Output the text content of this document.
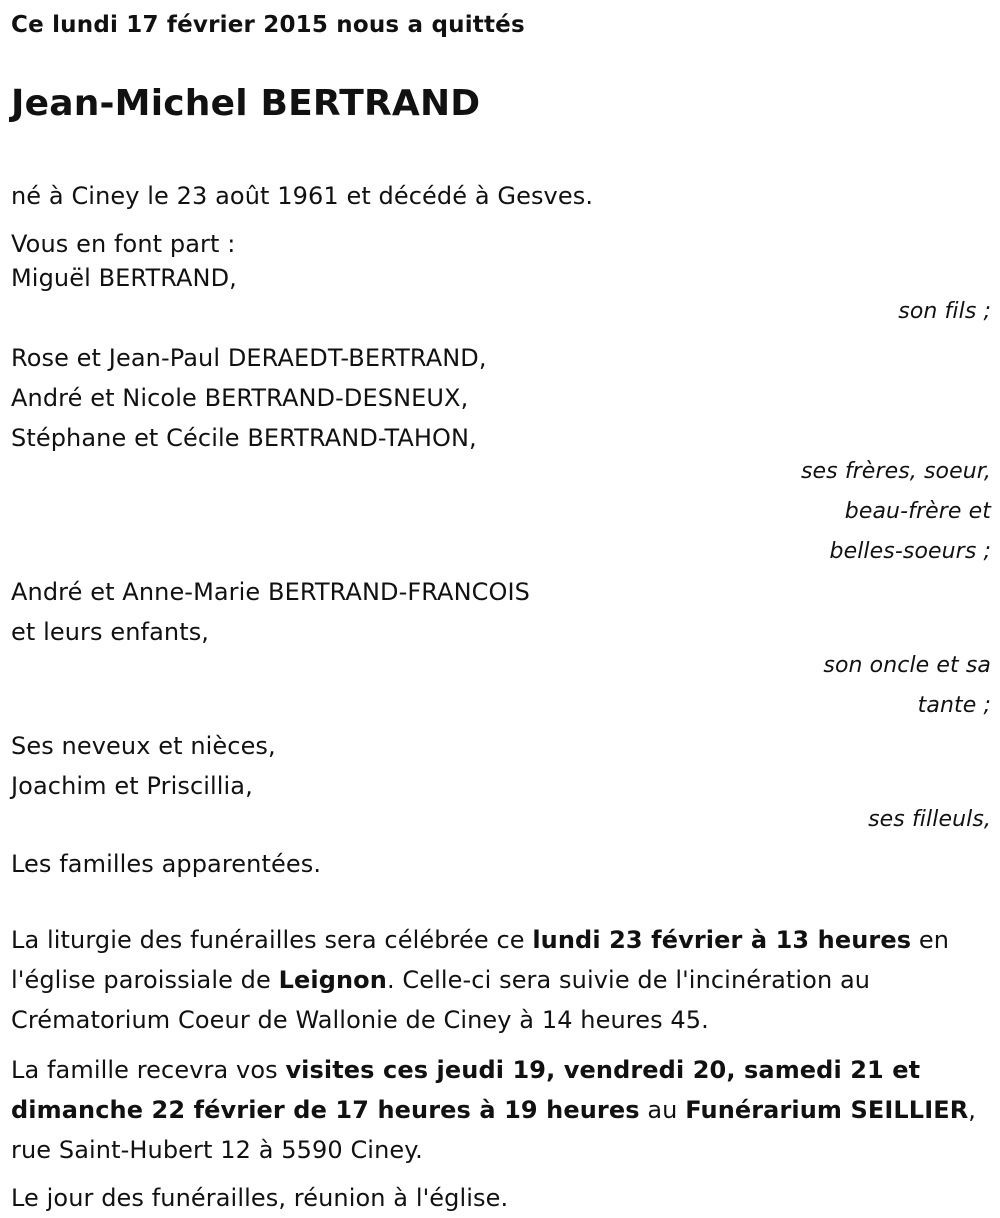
Ce lundi 17 février 2015 nous a quittés
Jean-Michel BERTRAND
né à Ciney le 23 août 1961 et décédé à Gesves.
Vous en font part :
Miguël BERTRAND,
son fils ;
Rose et Jean-Paul DERAEDT-BERTRAND,
André et Nicole BERTRAND-DESNEUX,
Stéphane et Cécile BERTRAND-TAHON,
ses frères, soeur,
beau-frère et
belles-soeurs ;
André et Anne-Marie BERTRAND-FRANCOIS
et leurs enfants,
son oncle et sa
tante ;
Ses neveux et nièces,
Joachim et Priscillia,
ses filleuls,
Les familles apparentées.
La liturgie des funérailles sera célébrée ce lundi 23 février à 13 heures en l'église paroissiale de Leignon. Celle-ci sera suivie de l'incinération au Crématorium Coeur de Wallonie de Ciney à 14 heures 45.
La famille recevra vos visites ces jeudi 19, vendredi 20, samedi 21 et dimanche 22 février de 17 heures à 19 heures au Funérarium SEILLIER, rue Saint-Hubert 12 à 5590 Ciney.
Le jour des funérailles, réunion à l'église.
